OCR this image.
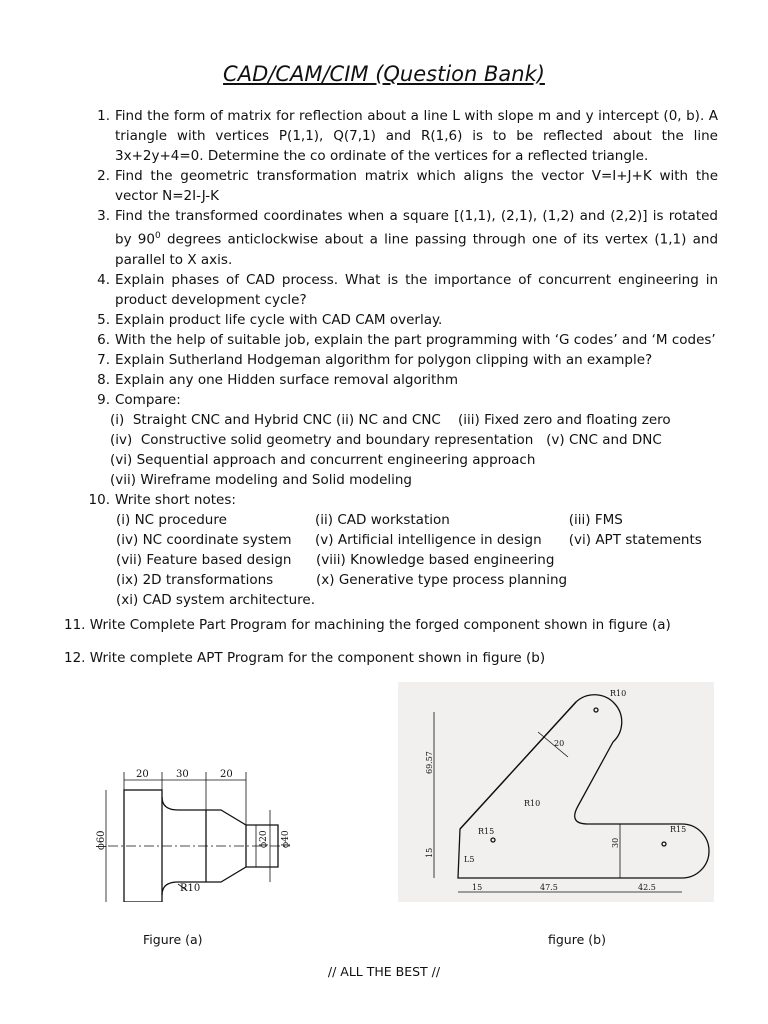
CAD/CAM/CIM (Question Bank)
1. Find the form of matrix for reflection about a line L with slope m and y intercept (0, b). A triangle with vertices P(1,1), Q(7,1) and R(1,6) is to be reflected about the line 3x+2y+4=0. Determine the co ordinate of the vertices for a reflected triangle.
2. Find the geometric transformation matrix which aligns the vector V=I+J+K with the vector N=2I-J-K
3. Find the transformed coordinates when a square [(1,1), (2,1), (1,2) and (2,2)] is rotated by $90^0$ degrees anticlockwise about a line passing through one of its vertex (1,1) and parallel to X axis.
4. Explain phases of CAD process. What is the importance of concurrent engineering in product development cycle?
5. Explain product life cycle with CAD CAM overlay.
6. With the help of suitable job, explain the part programming with ‘G codes’ and ‘M codes’
7. Explain Sutherland Hodgeman algorithm for polygon clipping with an example?
8. Explain any one Hidden surface removal algorithm
9. Compare:
(i)  Straight CNC and Hybrid CNC (ii) NC and CNC    (iii) Fixed zero and floating zero
(iv)  Constructive solid geometry and boundary representation   (v) CNC and DNC
(vi) Sequential approach and concurrent engineering approach
(vii) Wireframe modeling and Solid modeling
10. Write short notes:
(i) NC procedure	(ii) CAD workstation	(iii) FMS
(iv) NC coordinate system	(v) Artificial intelligence in design	(vi) APT statements
(vii) Feature based design	(viii) Knowledge based engineering
(ix) 2D transformations	(x) Generative type process planning
(xi) CAD system architecture.
11. Write Complete Part Program for machining the forged component shown in figure (a)
12. Write complete APT Program for the component shown in figure (b)
20	30	20
ϕ60	ϕ20 ϕ40
R10
R10
20
R10
69.57
R15	R15
15
30
L5
15	47.5	42.5
Figure (a)	figure (b)
// ALL THE BEST //
